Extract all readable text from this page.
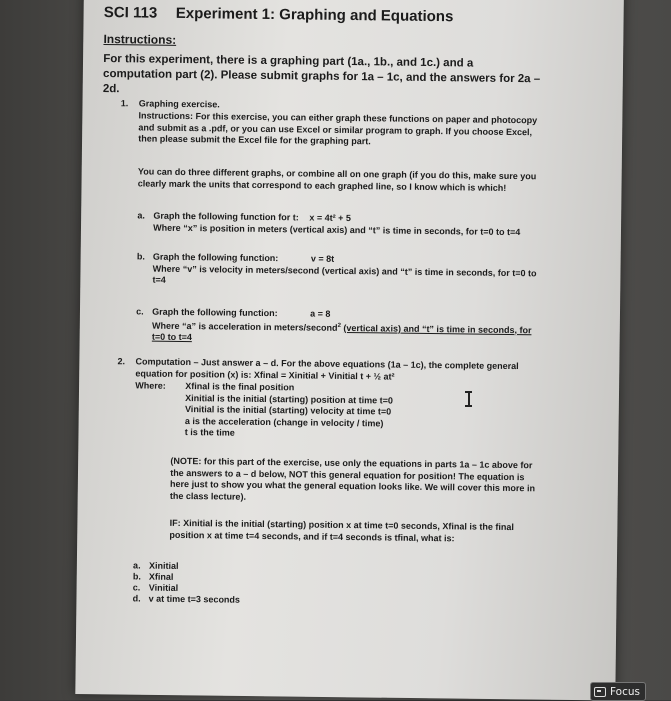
SCI 113 Experiment 1: Graphing and Equations
Instructions:
For this experiment, there is a graphing part (1a., 1b., and 1c.) and a computation part (2). Please submit graphs for 1a – 1c, and the answers for 2a – 2d.
1. Graphing exercise.
Instructions: For this exercise, you can either graph these functions on paper and photocopy and submit as a .pdf, or you can use Excel or similar program to graph. If you choose Excel, then please submit the Excel file for the graphing part.
You can do three different graphs, or combine all on one graph (if you do this, make sure you clearly mark the units that correspond to each graphed line, so I know which is which!
a. Graph the following function for t: x = 4t² + 5
Where “x” is position in meters (vertical axis) and “t” is time in seconds, for t=0 to t=4
b. Graph the following function:	v = 8t
Where “v” is velocity in meters/second (vertical axis) and “t” is time in seconds, for t=0 to t=4
c. Graph the following function:	a = 8
Where “a” is acceleration in meters/second$^2$ (vertical axis) and “t” is time in seconds, for t=0 to t=4
2. Computation – Just answer a – d. For the above equations (1a – 1c), the complete general equation for position (x) is: Xfinal = Xinitial + Vinitial t + ½ at²
Where:	Xfinal is the final position
Xinitial is the initial (starting) position at time t=0
Vinitial is the initial (starting) velocity at time t=0
a is the acceleration (change in velocity / time)
t is the time
(NOTE: for this part of the exercise, use only the equations in parts 1a – 1c above for the answers to a – d below, NOT this general equation for position! The equation is here just to show you what the general equation looks like. We will cover this more in the class lecture).
IF: Xinitial is the initial (starting) position x at time t=0 seconds, Xfinal is the final position x at time t=4 seconds, and if t=4 seconds is tfinal, what is:
a. Xinitial
b. Xfinal
c. Vinitial
d. v at time t=3 seconds
Focus
